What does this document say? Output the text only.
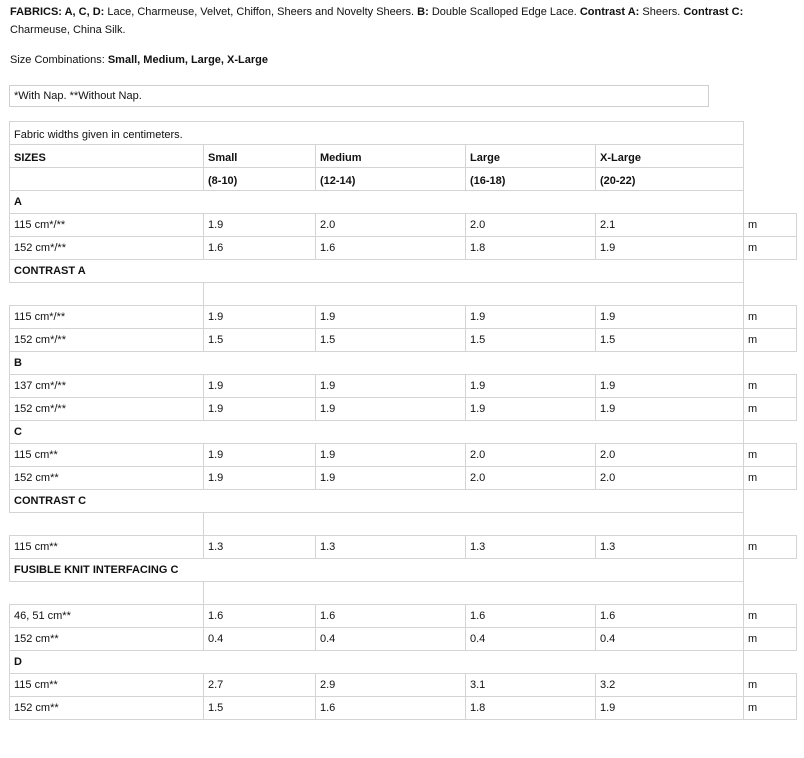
FABRICS: A, C, D: Lace, Charmeuse, Velvet, Chiffon, Sheers and Novelty Sheers. B: Double Scalloped Edge Lace. Contrast A: Sheers. Contrast C: Charmeuse, China Silk.
Size Combinations: Small, Medium, Large, X-Large
*With Nap. **Without Nap.
Fabric widths given in centimeters.					
SIZES	Small	Medium	Large	X-Large	
	(8-10)	(12-14)	(16-18)	(20-22)	
A					
115 cm*/**	1.9	2.0	2.0	2.1	m
152 cm*/**	1.6	1.6	1.8	1.9	m
CONTRAST A					

115 cm*/**	1.9	1.9	1.9	1.9	m
152 cm*/**	1.5	1.5	1.5	1.5	m
B					
137 cm*/**	1.9	1.9	1.9	1.9	m
152 cm*/**	1.9	1.9	1.9	1.9	m
C					
115 cm**	1.9	1.9	2.0	2.0	m
152 cm**	1.9	1.9	2.0	2.0	m
CONTRAST C					

115 cm**	1.3	1.3	1.3	1.3	m
FUSIBLE KNIT INTERFACING C					

46, 51 cm**	1.6	1.6	1.6	1.6	m
152 cm**	0.4	0.4	0.4	0.4	m
D					
115 cm**	2.7	2.9	3.1	3.2	m
152 cm**	1.5	1.6	1.8	1.9	m
